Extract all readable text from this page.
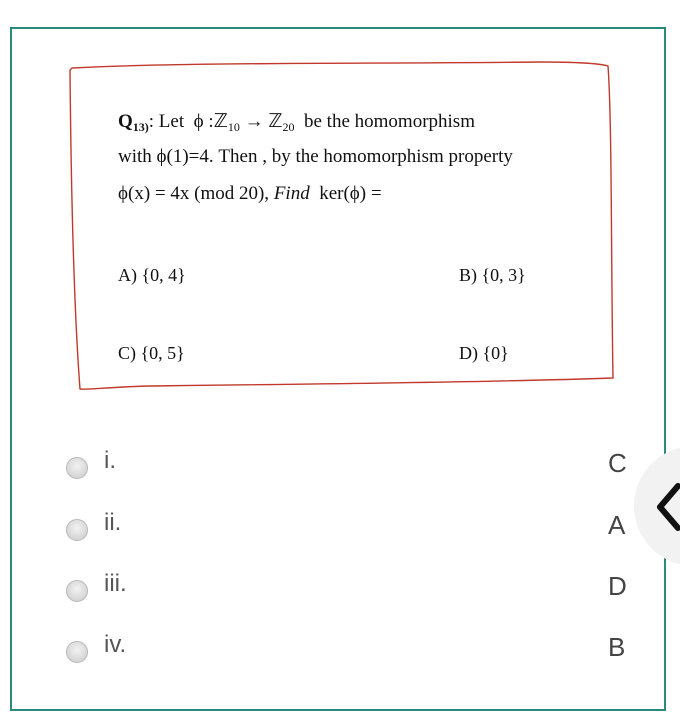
$Q_{13)}$: Let ϕ :ℤ$_{10}$ → ℤ$_{20}$ be the homomorphism
with ϕ(1)=4. Then , by the homomorphism property
ϕ(x) = 4x (mod 20), Find ker(ϕ) =
A) {0, 4}	B) {0, 3}
C) {0, 5}	D) {0}
i.	C
ii.	A
iii.	D
iv.	B
